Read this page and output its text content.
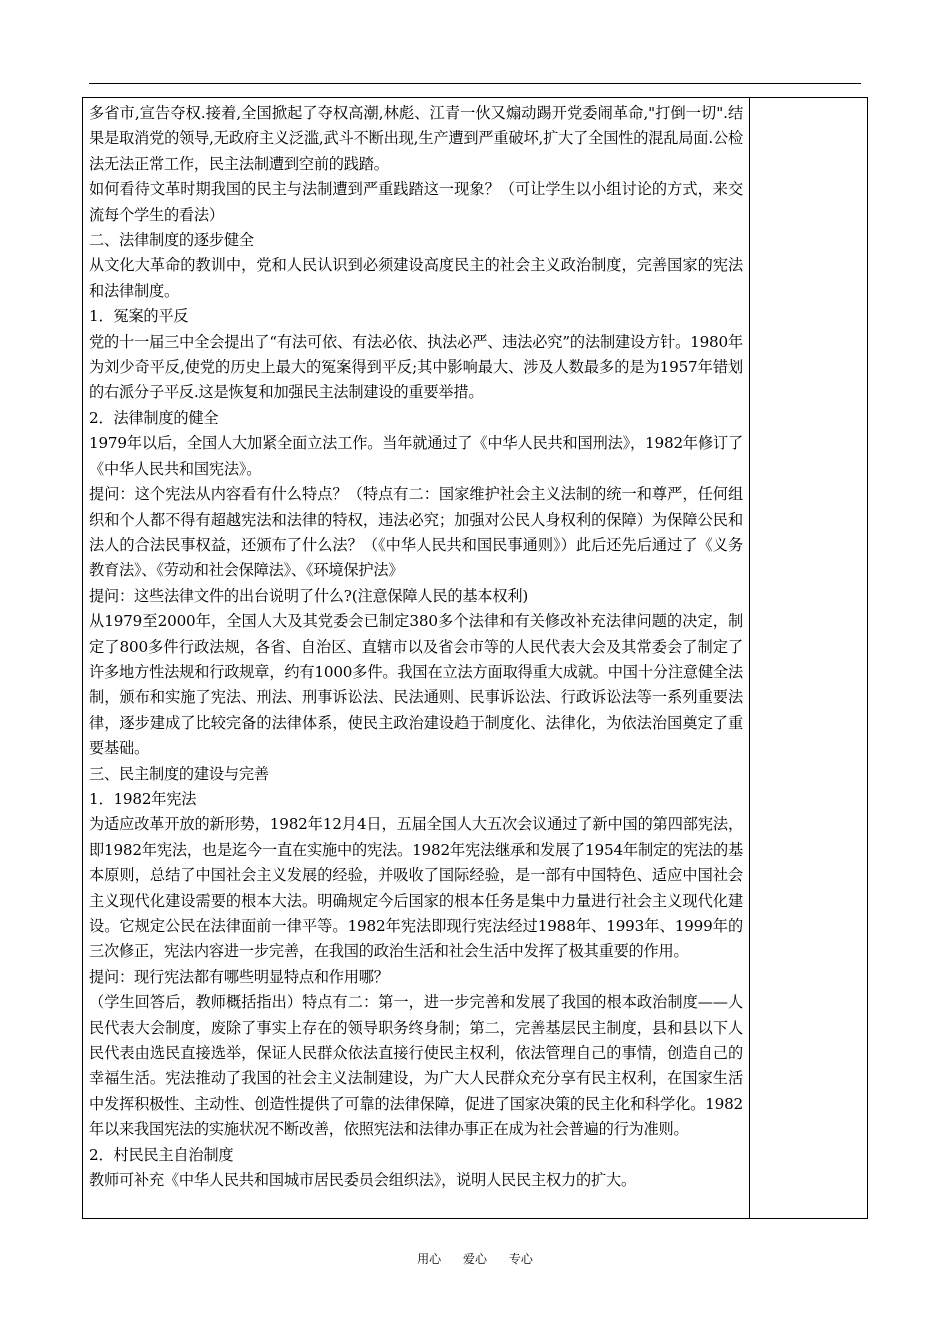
多省市,宣告夺权.接着,全国掀起了夺权高潮,林彪、江青一伙又煽动踢开党委闹革命,"打倒一切".结果是取消党的领导,无政府主义泛滥,武斗不断出现,生产遭到严重破坏,扩大了全国性的混乱局面.公检法无法正常工作，民主法制遭到空前的践踏。

如何看待文革时期我国的民主与法制遭到严重践踏这一现象？（可让学生以小组讨论的方式，来交流每个学生的看法）

二、法律制度的逐步健全

从文化大革命的教训中，党和人民认识到必须建设高度民主的社会主义政治制度，完善国家的宪法和法律制度。

1．冤案的平反

党的十一届三中全会提出了“有法可依、有法必依、执法必严、违法必究”的法制建设方针。1980年为刘少奇平反,使党的历史上最大的冤案得到平反;其中影响最大、涉及人数最多的是为1957年错划的右派分子平反.这是恢复和加强民主法制建设的重要举措。

2．法律制度的健全

1979年以后，全国人大加紧全面立法工作。当年就通过了《中华人民共和国刑法》，1982年修订了《中华人民共和国宪法》。

提问：这个宪法从内容看有什么特点？（特点有二：国家维护社会主义法制的统一和尊严，任何组织和个人都不得有超越宪法和法律的特权，违法必究；加强对公民人身权利的保障）为保障公民和法人的合法民事权益，还颁布了什么法？（《中华人民共和国民事通则》）此后还先后通过了《义务教育法》、《劳动和社会保障法》、《环境保护法》

提问：这些法律文件的出台说明了什么?(注意保障人民的基本权利)

从1979至2000年，全国人大及其党委会已制定380多个法律和有关修改补充法律问题的决定，制定了800多件行政法规，各省、自治区、直辖市以及省会市等的人民代表大会及其常委会了制定了许多地方性法规和行政规章，约有1000多件。我国在立法方面取得重大成就。中国十分注意健全法制，颁布和实施了宪法、刑法、刑事诉讼法、民法通则、民事诉讼法、行政诉讼法等一系列重要法律，逐步建成了比较完备的法律体系，使民主政治建设趋于制度化、法律化，为依法治国奠定了重要基础。

三、民主制度的建设与完善

1．1982年宪法

为适应改革开放的新形势，1982年12月4日，五届全国人大五次会议通过了新中国的第四部宪法，即1982年宪法，也是迄今一直在实施中的宪法。1982年宪法继承和发展了1954年制定的宪法的基本原则，总结了中国社会主义发展的经验，并吸收了国际经验，是一部有中国特色、适应中国社会主义现代化建设需要的根本大法。明确规定今后国家的根本任务是集中力量进行社会主义现代化建设。它规定公民在法律面前一律平等。1982年宪法即现行宪法经过1988年、1993年、1999年的三次修正，宪法内容进一步完善，在我国的政治生活和社会生活中发挥了极其重要的作用。

提问：现行宪法都有哪些明显特点和作用哪？

（学生回答后，教师概括指出）特点有二：第一，进一步完善和发展了我国的根本政治制度——人民代表大会制度，废除了事实上存在的领导职务终身制；第二，完善基层民主制度，县和县以下人民代表由选民直接选举，保证人民群众依法直接行使民主权利，依法管理自己的事情，创造自己的幸福生活。宪法推动了我国的社会主义法制建设，为广大人民群众充分享有民主权利，在国家生活中发挥积极性、主动性、创造性提供了可靠的法律保障，促进了国家决策的民主化和科学化。1982年以来我国宪法的实施状况不断改善，依照宪法和法律办事正在成为社会普遍的行为准则。

2．村民民主自治制度

教师可补充《中华人民共和国城市居民委员会组织法》，说明人民民主权力的扩大。

用心 爱心 专心
